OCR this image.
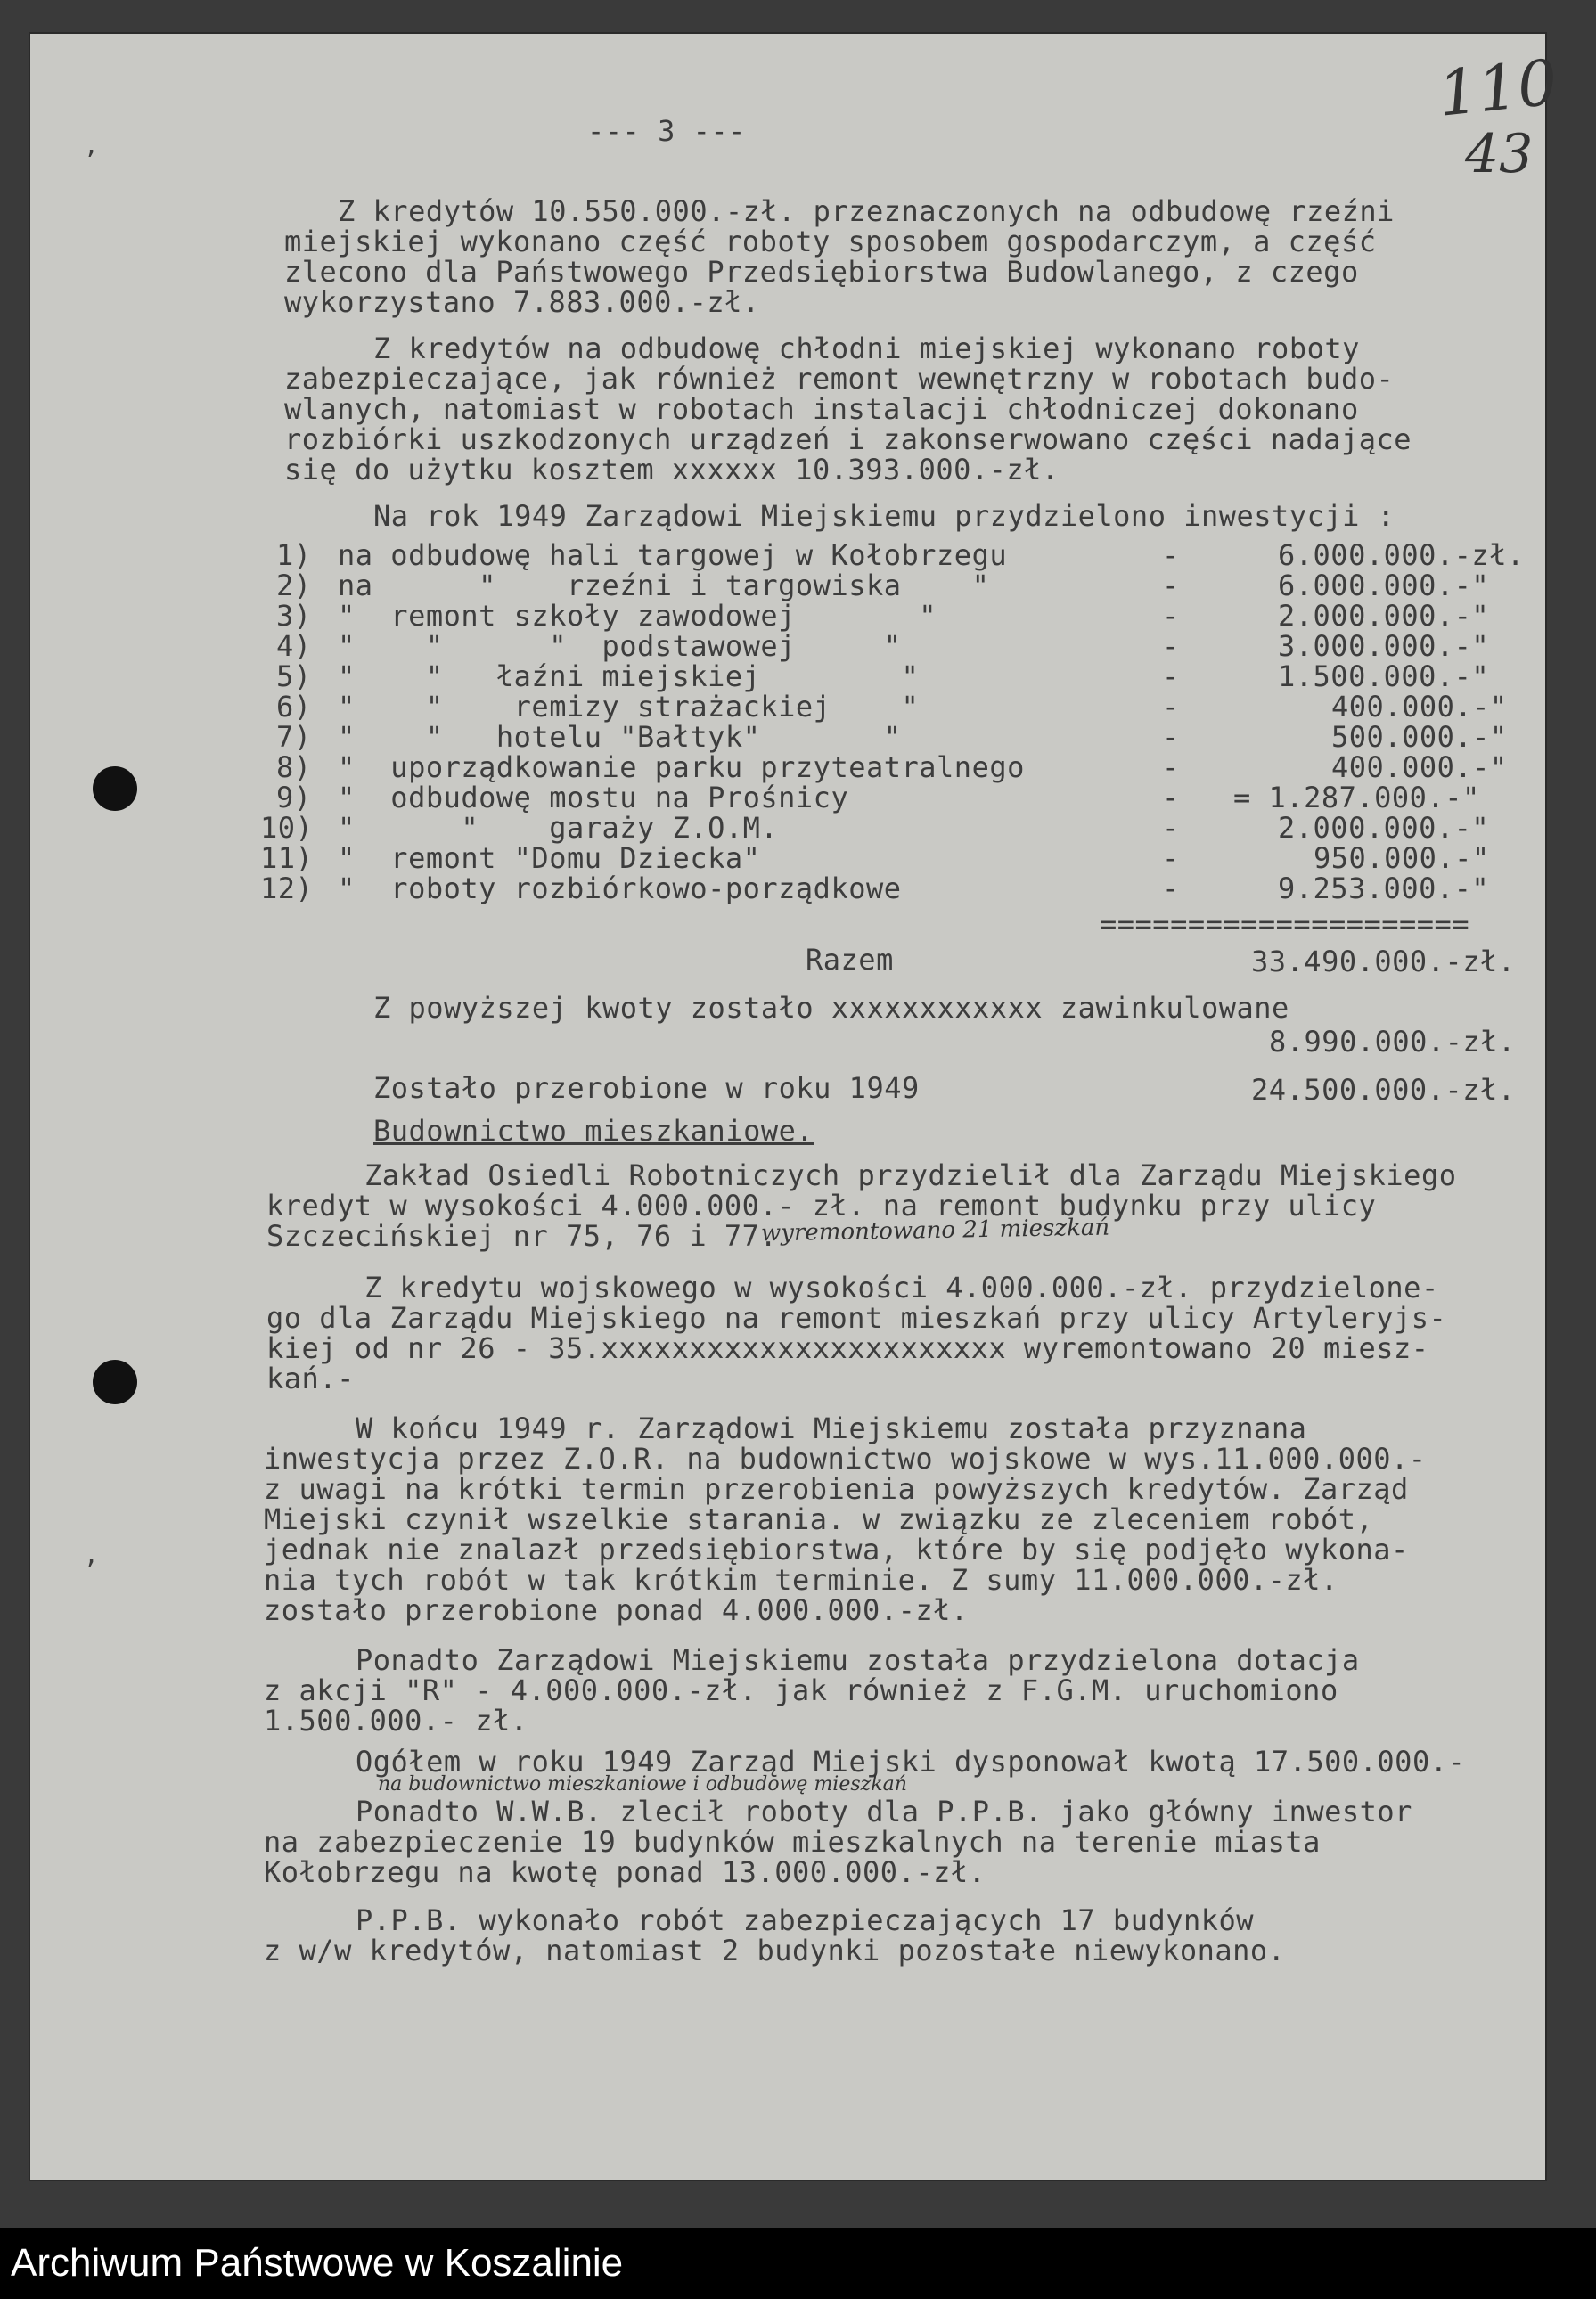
,
,
--- 3 ---
110
43
Z kredytów 10.550.000.-zł. przeznaczonych na odbudowę rzeźni
miejskiej wykonano część roboty sposobem gospodarczym, a część
zlecono dla Państwowego Przedsiębiorstwa Budowlanego, z czego
wykorzystano 7.883.000.-zł.
Z kredytów na odbudowę chłodni miejskiej wykonano roboty
zabezpieczające, jak również remont wewnętrzny w robotach budo-
wlanych, natomiast w robotach instalacji chłodniczej dokonano
rozbiórki uszkodzonych urządzeń i zakonserwowano części nadające
się do użytku kosztem xxxxxx 10.393.000.-zł.
Na rok 1949 Zarządowi Miejskiemu przydzielono inwestycji :
1) na odbudowę hali targowej w Kołobrzegu	-	6.000.000.-zł.
2) na      "    rzeźni i targowiska    "	-	6.000.000.-"
3) "  remont szkoły zawodowej       "	-	2.000.000.-"
4) "    "      "  podstawowej     "	-	3.000.000.-"
5) "    "   łaźni miejskiej        "	-	1.500.000.-"
6) "    "    remizy strażackiej    "	-	400.000.-"
7) "    "   hotelu "Bałtyk"       "	-	500.000.-"
8) "  uporządkowanie parku przyteatralnego	-	400.000.-"
9) "  odbudowę mostu na Prośnicy	- = 1.287.000.-"
10) "      "    garaży Z.O.M.	-	2.000.000.-"
11) "  remont "Domu Dziecka"	-	950.000.-"
12) "  roboty rozbiórkowo-porządkowe	-	9.253.000.-"
=====================
Razem	33.490.000.-zł.
Z powyższej kwoty zostało xxxxxxxxxxxx zawinkulowane
8.990.000.-zł.
Zostało przerobione w roku 1949	24.500.000.-zł.
Budownictwo mieszkaniowe.
Zakład Osiedli Robotniczych przydzielił dla Zarządu Miejskiego
kredyt w wysokości 4.000.000.- zł. na remont budynku przy ulicy
Szczecińskiej nr 75, 76 i 77.
wyremontowano 21 mieszkań
Z kredytu wojskowego w wysokości 4.000.000.-zł. przydzielone-
go dla Zarządu Miejskiego na remont mieszkań przy ulicy Artyleryjs-
kiej od nr 26 - 35.xxxxxxxxxxxxxxxxxxxxxxx wyremontowano 20 miesz-
kań.-
W końcu 1949 r. Zarządowi Miejskiemu została przyznana
inwestycja przez Z.O.R. na budownictwo wojskowe w wys.11.000.000.-
z uwagi na krótki termin przerobienia powyższych kredytów. Zarząd
Miejski czynił wszelkie starania. w związku ze zleceniem robót,
jednak nie znalazł przedsiębiorstwa, które by się podjęło wykona-
nia tych robót w tak krótkim terminie. Z sumy 11.000.000.-zł.
zostało przerobione ponad 4.000.000.-zł.
Ponadto Zarządowi Miejskiemu została przydzielona dotacja
z akcji "R" - 4.000.000.-zł. jak również z F.G.M. uruchomiono
1.500.000.- zł.
Ogółem w roku 1949 Zarząd Miejski dysponował kwotą 17.500.000.-
na budownictwo mieszkaniowe i odbudowę mieszkań
Ponadto W.W.B. zlecił roboty dla P.P.B. jako główny inwestor
na zabezpieczenie 19 budynków mieszkalnych na terenie miasta
Kołobrzegu na kwotę ponad 13.000.000.-zł.
P.P.B. wykonało robót zabezpieczających 17 budynków
z w/w kredytów, natomiast 2 budynki pozostałe niewykonano.
Archiwum Państwowe w Koszalinie
